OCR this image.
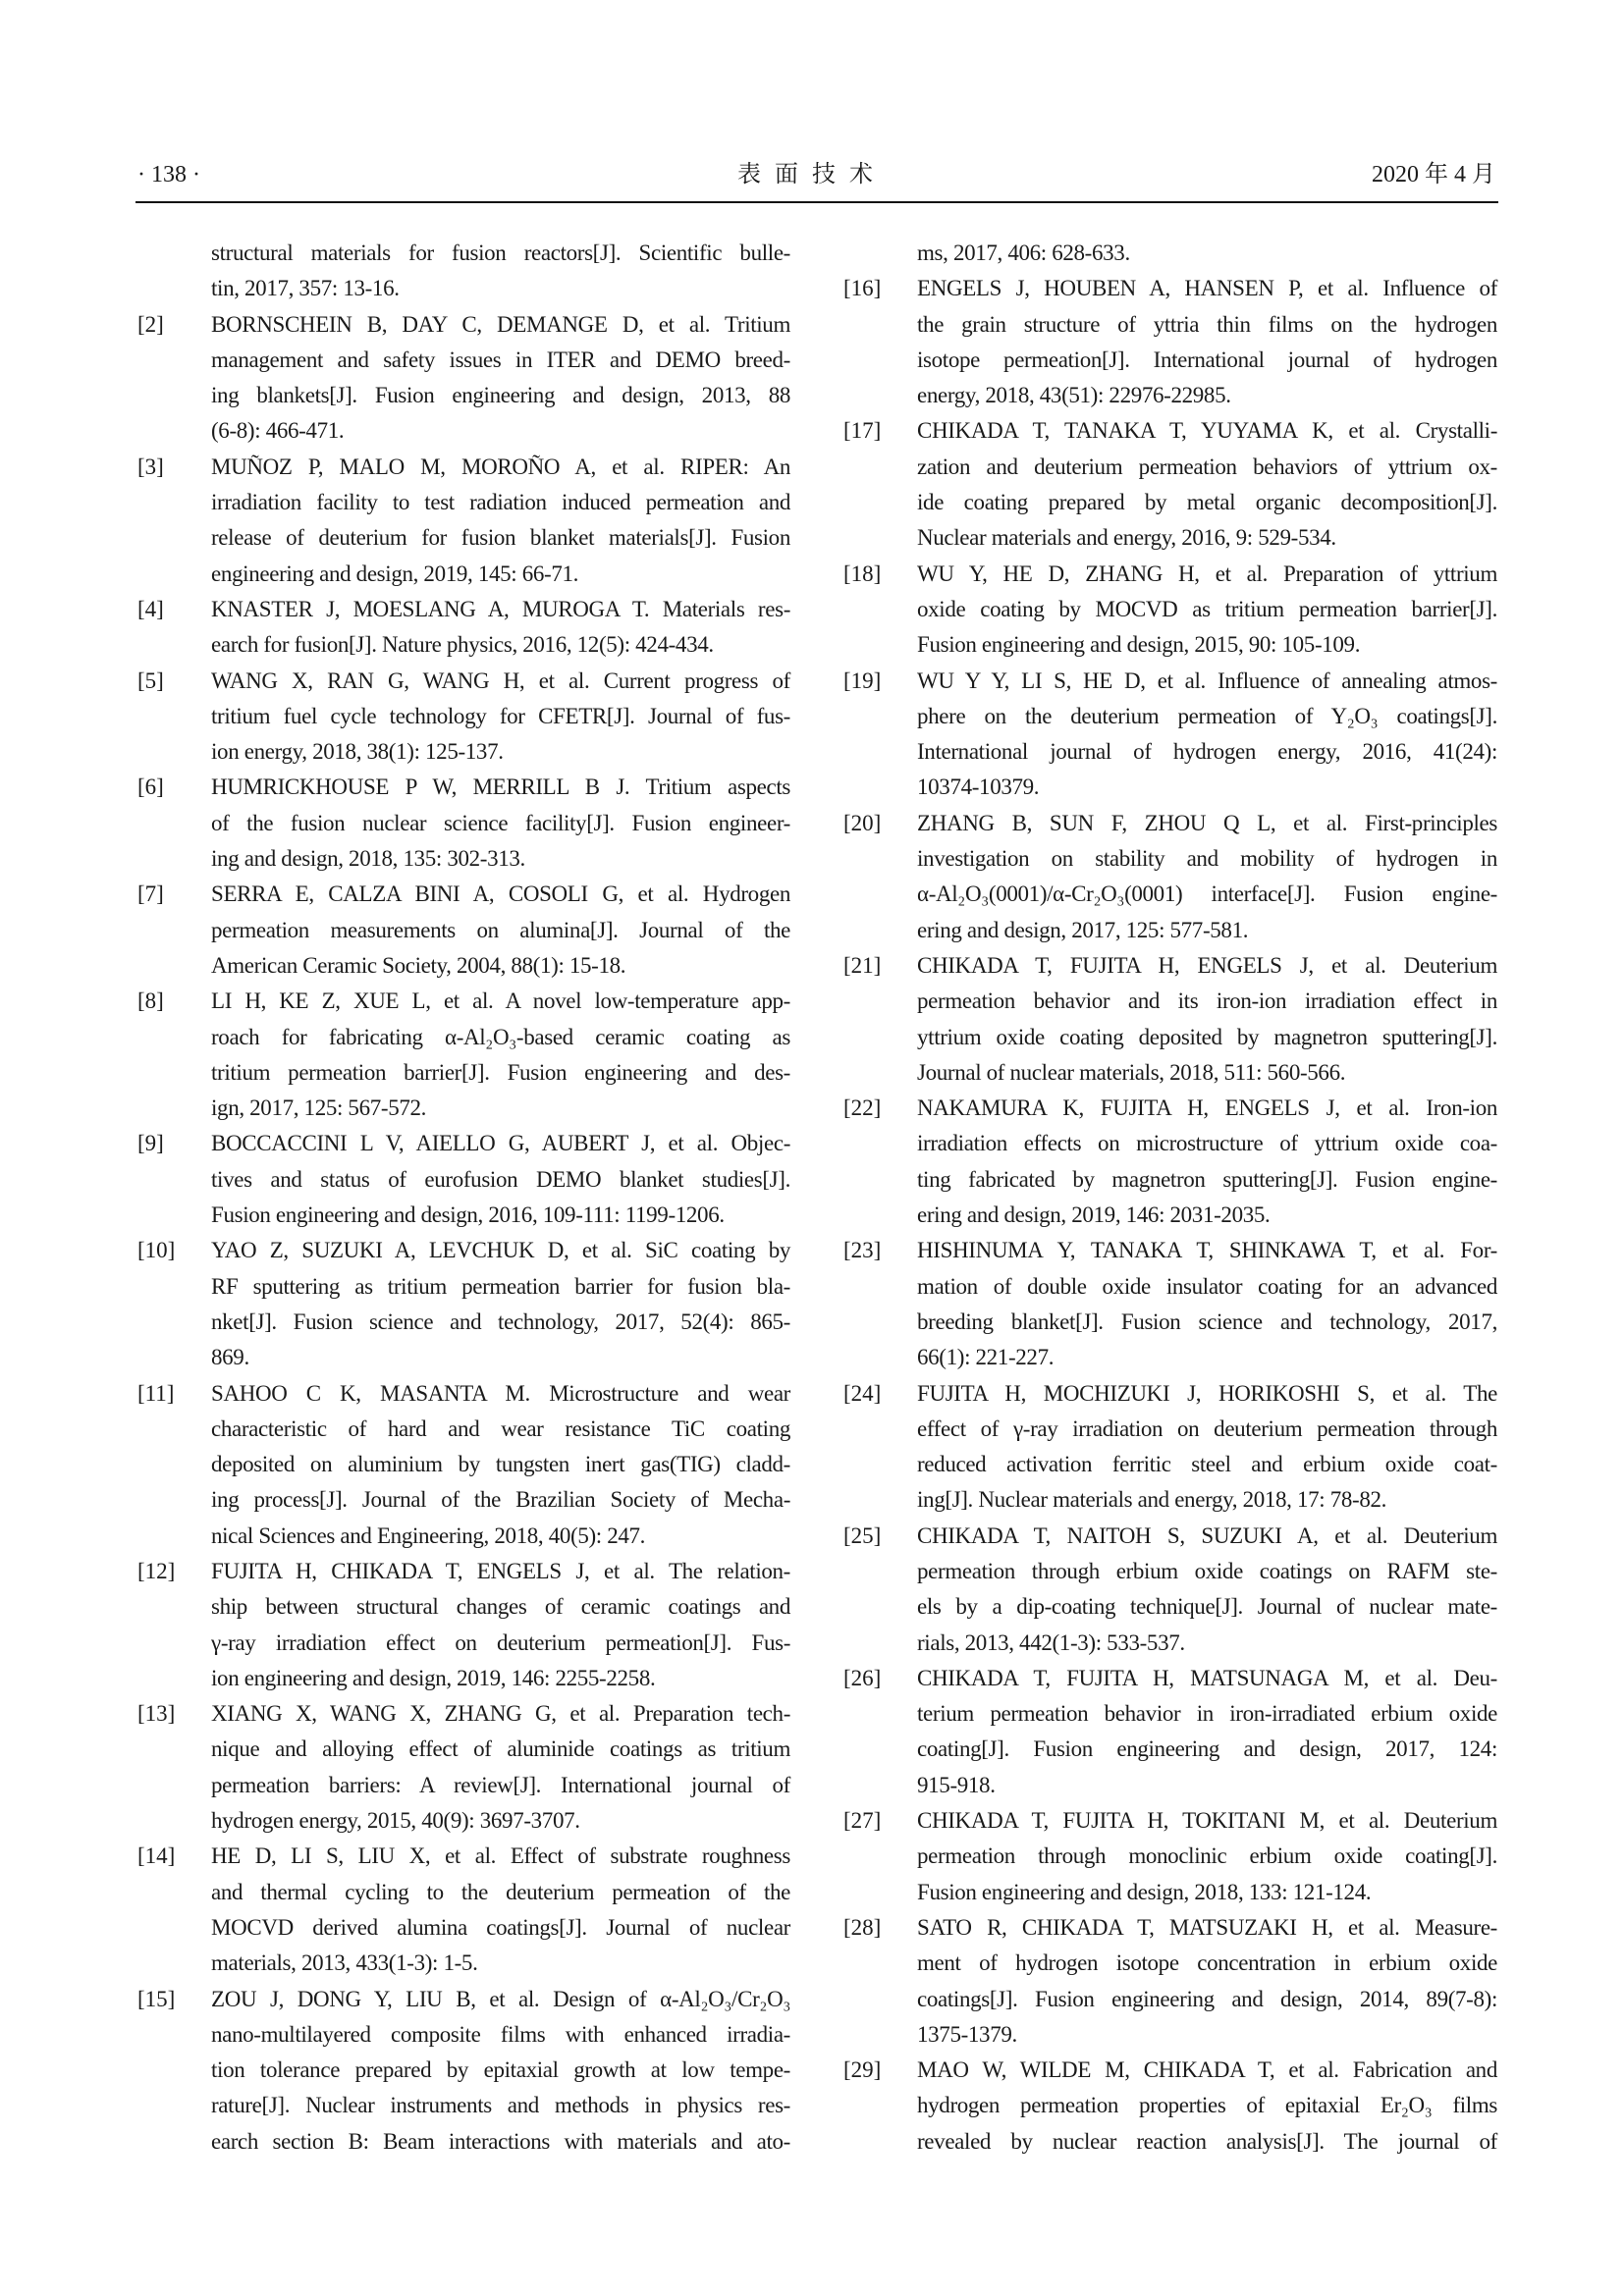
· 138 ·	表面技术	2020 年 4 月
structural materials for fusion reactors[J]. Scientific bulle-
tin, 2017, 357: 13-16.
[2] BORNSCHEIN B, DAY C, DEMANGE D, et al. Tritium
management and safety issues in ITER and DEMO breed-
ing blankets[J]. Fusion engineering and design, 2013, 88
(6-8): 466-471.
[3] MUÑOZ P, MALO M, MOROÑO A, et al. RIPER: An
irradiation facility to test radiation induced permeation and
release of deuterium for fusion blanket materials[J]. Fusion
engineering and design, 2019, 145: 66-71.
[4] KNASTER J, MOESLANG A, MUROGA T. Materials res-
earch for fusion[J]. Nature physics, 2016, 12(5): 424-434.
[5] WANG X, RAN G, WANG H, et al. Current progress of
tritium fuel cycle technology for CFETR[J]. Journal of fus-
ion energy, 2018, 38(1): 125-137.
[6] HUMRICKHOUSE P W, MERRILL B J. Tritium aspects
of the fusion nuclear science facility[J]. Fusion engineer-
ing and design, 2018, 135: 302-313.
[7] SERRA E, CALZA BINI A, COSOLI G, et al. Hydrogen
permeation measurements on alumina[J]. Journal of the
American Ceramic Society, 2004, 88(1): 15-18.
[8] LI H, KE Z, XUE L, et al. A novel low-temperature app-
roach for fabricating α-Al₂O₃-based ceramic coating as
tritium permeation barrier[J]. Fusion engineering and des-
ign, 2017, 125: 567-572.
[9] BOCCACCINI L V, AIELLO G, AUBERT J, et al. Objec-
tives and status of eurofusion DEMO blanket studies[J].
Fusion engineering and design, 2016, 109-111: 1199-1206.
[10] YAO Z, SUZUKI A, LEVCHUK D, et al. SiC coating by
RF sputtering as tritium permeation barrier for fusion bla-
nket[J]. Fusion science and technology, 2017, 52(4): 865-
869.
[11] SAHOO C K, MASANTA M. Microstructure and wear
characteristic of hard and wear resistance TiC coating
deposited on aluminium by tungsten inert gas(TIG) cladd-
ing process[J]. Journal of the Brazilian Society of Mecha-
nical Sciences and Engineering, 2018, 40(5): 247.
[12] FUJITA H, CHIKADA T, ENGELS J, et al. The relation-
ship between structural changes of ceramic coatings and
γ-ray irradiation effect on deuterium permeation[J]. Fus-
ion engineering and design, 2019, 146: 2255-2258.
[13] XIANG X, WANG X, ZHANG G, et al. Preparation tech-
nique and alloying effect of aluminide coatings as tritium
permeation barriers: A review[J]. International journal of
hydrogen energy, 2015, 40(9): 3697-3707.
[14] HE D, LI S, LIU X, et al. Effect of substrate roughness
and thermal cycling to the deuterium permeation of the
MOCVD derived alumina coatings[J]. Journal of nuclear
materials, 2013, 433(1-3): 1-5.
[15] ZOU J, DONG Y, LIU B, et al. Design of α-Al₂O₃/Cr₂O₃
nano-multilayered composite films with enhanced irradia-
tion tolerance prepared by epitaxial growth at low tempe-
rature[J]. Nuclear instruments and methods in physics res-
earch section B: Beam interactions with materials and ato-
ms, 2017, 406: 628-633.
[16] ENGELS J, HOUBEN A, HANSEN P, et al. Influence of
the grain structure of yttria thin films on the hydrogen
isotope permeation[J]. International journal of hydrogen
energy, 2018, 43(51): 22976-22985.
[17] CHIKADA T, TANAKA T, YUYAMA K, et al. Crystalli-
zation and deuterium permeation behaviors of yttrium ox-
ide coating prepared by metal organic decomposition[J].
Nuclear materials and energy, 2016, 9: 529-534.
[18] WU Y, HE D, ZHANG H, et al. Preparation of yttrium
oxide coating by MOCVD as tritium permeation barrier[J].
Fusion engineering and design, 2015, 90: 105-109.
[19] WU Y Y, LI S, HE D, et al. Influence of annealing atmos-
phere on the deuterium permeation of Y₂O₃ coatings[J].
International journal of hydrogen energy, 2016, 41(24):
10374-10379.
[20] ZHANG B, SUN F, ZHOU Q L, et al. First-principles
investigation on stability and mobility of hydrogen in
α-Al₂O₃(0001)/α-Cr₂O₃(0001) interface[J]. Fusion engine-
ering and design, 2017, 125: 577-581.
[21] CHIKADA T, FUJITA H, ENGELS J, et al. Deuterium
permeation behavior and its iron-ion irradiation effect in
yttrium oxide coating deposited by magnetron sputtering[J].
Journal of nuclear materials, 2018, 511: 560-566.
[22] NAKAMURA K, FUJITA H, ENGELS J, et al. Iron-ion
irradiation effects on microstructure of yttrium oxide coa-
ting fabricated by magnetron sputtering[J]. Fusion engine-
ering and design, 2019, 146: 2031-2035.
[23] HISHINUMA Y, TANAKA T, SHINKAWA T, et al. For-
mation of double oxide insulator coating for an advanced
breeding blanket[J]. Fusion science and technology, 2017,
66(1): 221-227.
[24] FUJITA H, MOCHIZUKI J, HORIKOSHI S, et al. The
effect of γ-ray irradiation on deuterium permeation through
reduced activation ferritic steel and erbium oxide coat-
ing[J]. Nuclear materials and energy, 2018, 17: 78-82.
[25] CHIKADA T, NAITOH S, SUZUKI A, et al. Deuterium
permeation through erbium oxide coatings on RAFM ste-
els by a dip-coating technique[J]. Journal of nuclear mate-
rials, 2013, 442(1-3): 533-537.
[26] CHIKADA T, FUJITA H, MATSUNAGA M, et al. Deu-
terium permeation behavior in iron-irradiated erbium oxide
coating[J]. Fusion engineering and design, 2017, 124:
915-918.
[27] CHIKADA T, FUJITA H, TOKITANI M, et al. Deuterium
permeation through monoclinic erbium oxide coating[J].
Fusion engineering and design, 2018, 133: 121-124.
[28] SATO R, CHIKADA T, MATSUZAKI H, et al. Measure-
ment of hydrogen isotope concentration in erbium oxide
coatings[J]. Fusion engineering and design, 2014, 89(7-8):
1375-1379.
[29] MAO W, WILDE M, CHIKADA T, et al. Fabrication and
hydrogen permeation properties of epitaxial Er₂O₃ films
revealed by nuclear reaction analysis[J]. The journal of
